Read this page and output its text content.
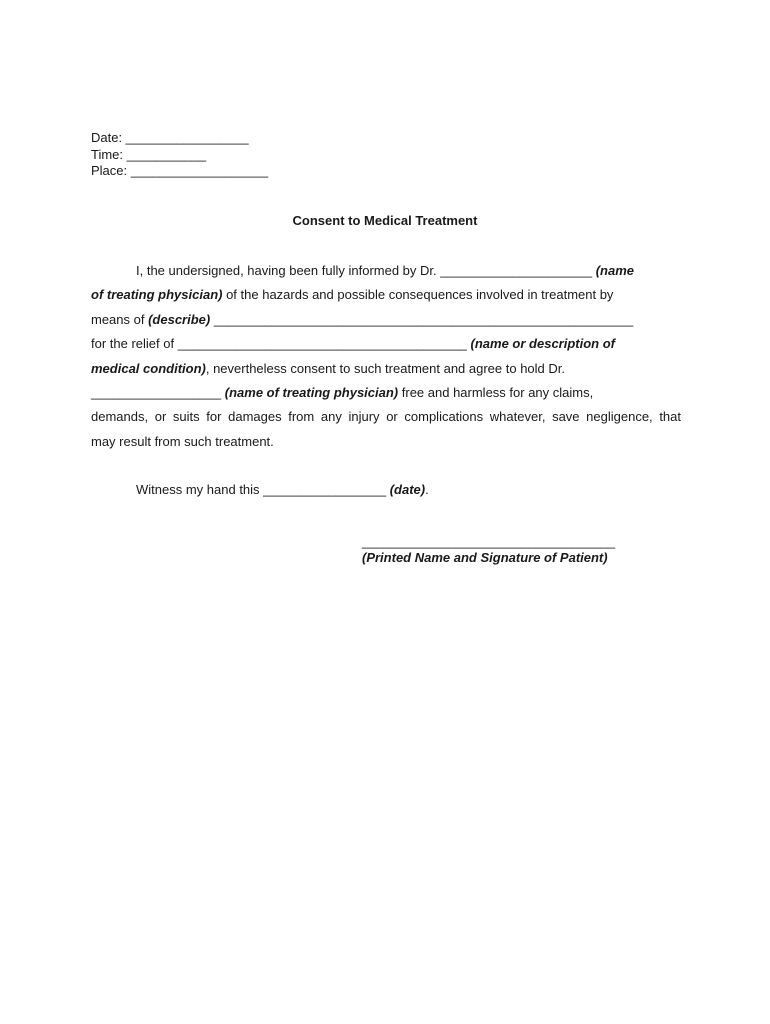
Date: _________________
Time: ___________
Place: ___________________
Consent to Medical Treatment
I, the undersigned, having been fully informed by Dr. _____________________ (name
of treating physician) of the hazards and possible consequences involved in treatment by
means of (describe) __________________________________________________________
for the relief of ________________________________________ (name or description of
medical condition), nevertheless consent to such treatment and agree to hold Dr.
__________________ (name of treating physician) free and harmless for any claims,
demands, or suits for damages from any injury or complications whatever, save negligence, that
may result from such treatment.
Witness my hand this _________________ (date).
___________________________________
(Printed Name and Signature of Patient)
